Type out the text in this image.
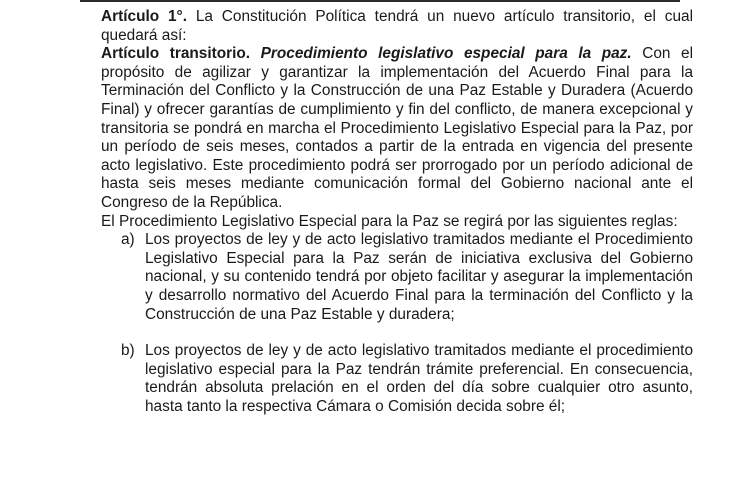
Artículo 1°. La Constitución Política tendrá un nuevo artículo transitorio, el cual quedará así:

Artículo transitorio. Procedimiento legislativo especial para la paz. Con el propósito de agilizar y garantizar la implementación del Acuerdo Final para la Terminación del Conflicto y la Construcción de una Paz Estable y Duradera (Acuerdo Final) y ofrecer garantías de cumplimiento y fin del conflicto, de manera excepcional y transitoria se pondrá en marcha el Procedimiento Legislativo Especial para la Paz, por un período de seis meses, contados a partir de la entrada en vigencia del presente acto legislativo. Este procedimiento podrá ser prorrogado por un período adicional de hasta seis meses mediante comunicación formal del Gobierno nacional ante el Congreso de la República.

El Procedimiento Legislativo Especial para la Paz se regirá por las siguientes reglas:

a) Los proyectos de ley y de acto legislativo tramitados mediante el Procedimiento Legislativo Especial para la Paz serán de iniciativa exclusiva del Gobierno nacional, y su contenido tendrá por objeto facilitar y asegurar la implementación y desarrollo normativo del Acuerdo Final para la terminación del Conflicto y la Construcción de una Paz Estable y duradera;
b) Los proyectos de ley y de acto legislativo tramitados mediante el procedimiento legislativo especial para la Paz tendrán trámite preferencial. En consecuencia, tendrán absoluta prelación en el orden del día sobre cualquier otro asunto, hasta tanto la respectiva Cámara o Comisión decida sobre él;
